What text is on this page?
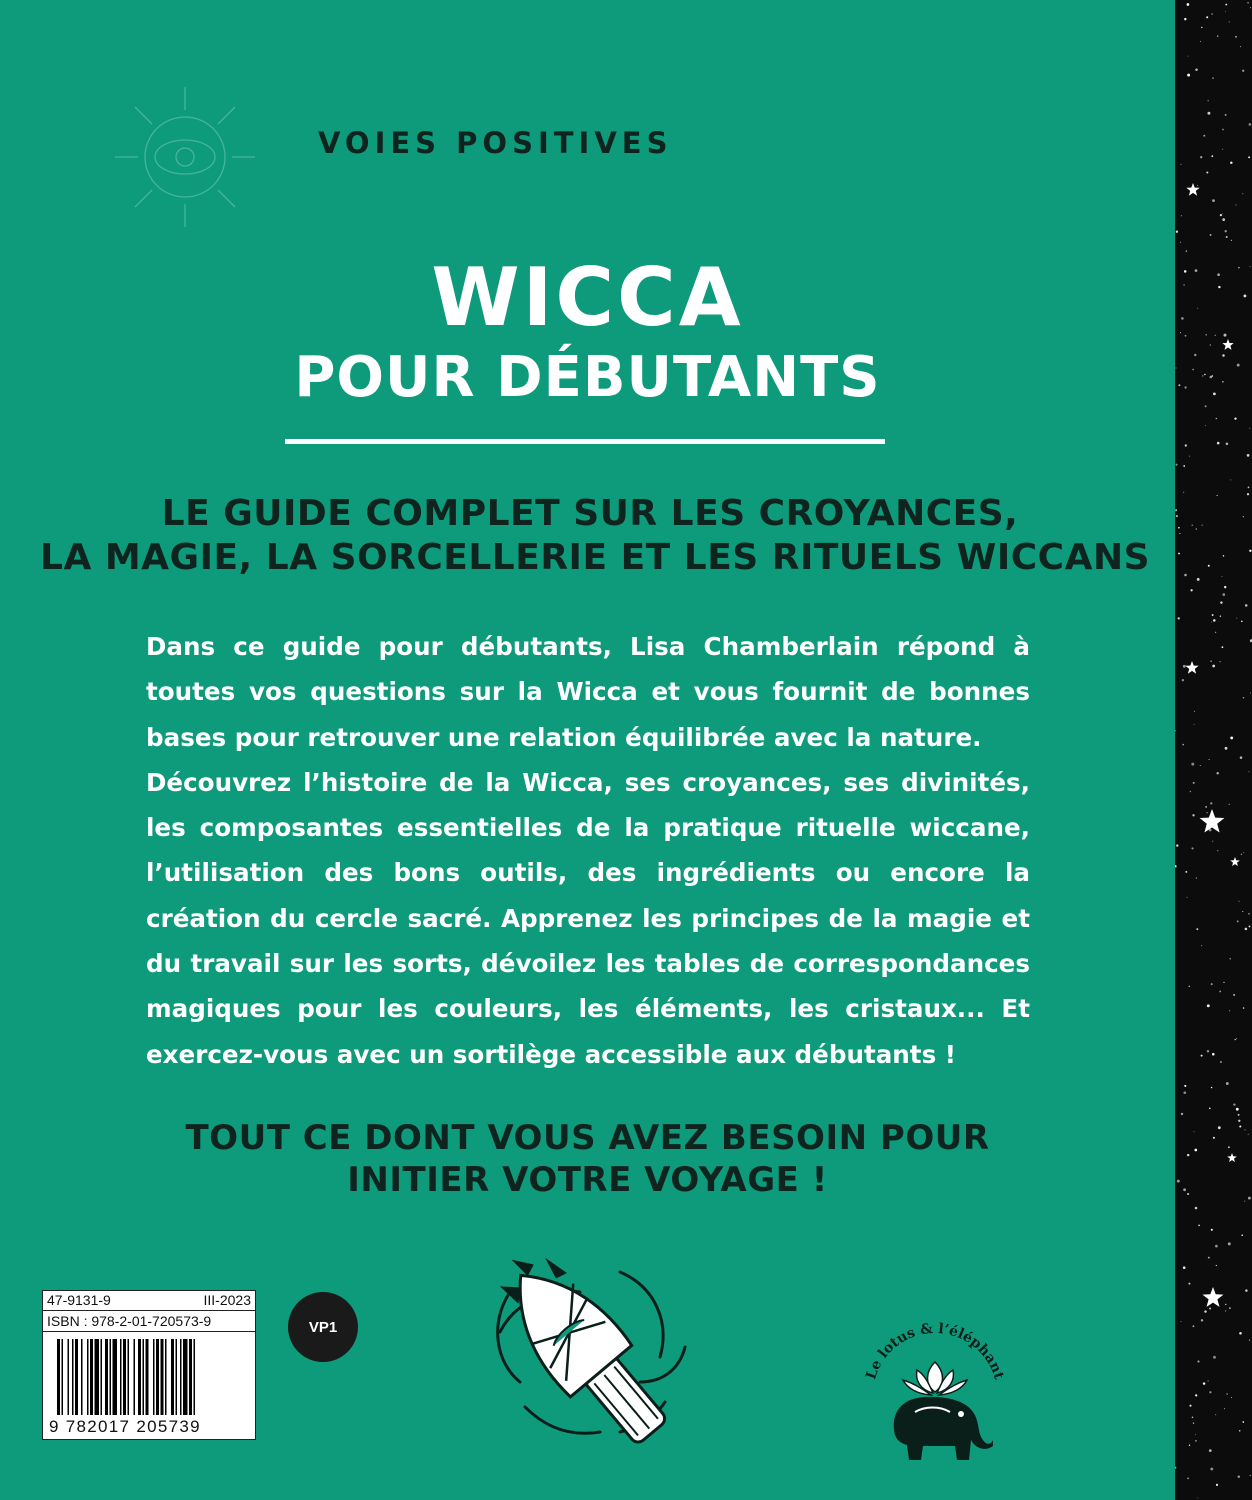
VOIES POSITIVES
WICCA
POUR DÉBUTANTS
LE GUIDE COMPLET SUR LES CROYANCES,
LA MAGIE, LA SORCELLERIE ET LES RITUELS WICCANS

Dans ce guide pour débutants, Lisa Chamberlain répond à toutes vos questions sur la Wicca et vous fournit de bonnes bases pour retrouver une relation équilibrée avec la nature.

Découvrez l’histoire de la Wicca, ses croyances, ses divinités, les composantes essentielles de la pratique rituelle wiccane, l’utilisation des bons outils, des ingrédients ou encore la création du cercle sacré. Apprenez les principes de la magie et du travail sur les sorts, dévoilez les tables de correspondances magiques pour les couleurs, les éléments, les cristaux... Et exercez-vous avec un sortilège accessible aux débutants !

TOUT CE DONT VOUS AVEZ BESOIN POUR
INITIER VOTRE VOYAGE !
47-9131-9	III-2023
ISBN : 978-2-01-720573-9
9 782017 205739
VP1
Le lotus & l’éléphant
